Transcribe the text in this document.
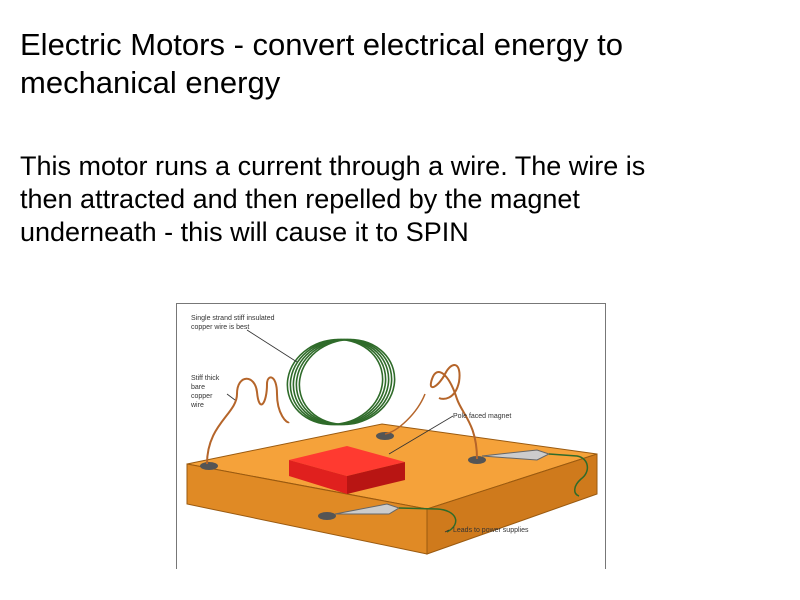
Electric Motors - convert electrical energy to
mechanical energy

This motor runs a current through a wire. The wire is
then attracted and then repelled by the magnet
underneath - this will cause it to SPIN

Single strand stiff insulated
copper wire is best
Stiff thick
bare
copper
wire
Pole faced magnet
Leads to power supplies
